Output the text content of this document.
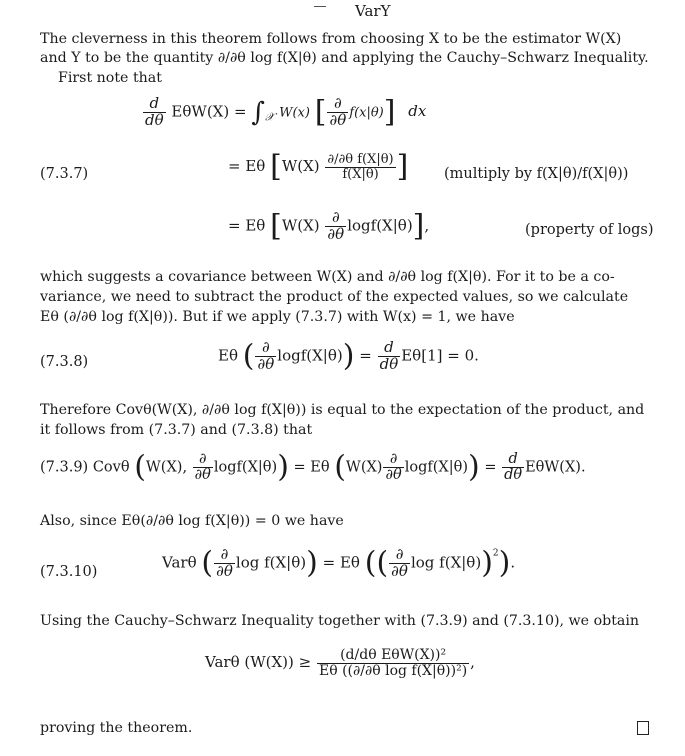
VarY
The cleverness in this theorem follows from choosing X to be the estimator W(X)
and Y to be the quantity ∂/∂θ log f(X|θ) and applying the Cauchy–Schwarz Inequality.
First note that
$\frac{d}{d\theta} E\theta W(X) = \int_𝒳$ W(x) [ $\frac{\partial}{\partial\theta} f(x|\theta)$] dx
(7.3.7)	= Eθ [$W(X) \frac{\text{∂/∂θ f(X|θ)}}{f(X|\theta)}$ ] (multiply by f(X|θ)/f(X|θ))
= Eθ $[W(X) \frac{\partial}{\partial\theta} \log f(X|\theta)]$,	(property of logs)
which suggests a covariance between W(X) and ∂/∂θ log f(X|θ). For it to be a co-
variance, we need to subtract the product of the expected values, so we calculate
Eθ (∂/∂θ log f(X|θ)). But if we apply (7.3.7) with W(x) = 1, we have
(7.3.8)	Eθ ( $\frac{\partial}{\partial\theta} \log f(X|\theta)) = \frac{d}{d\theta} E\theta[1] = 0$.
Therefore Covθ(W(X), ∂/∂θ log f(X|θ)) is equal to the expectation of the product, and
it follows from (7.3.7) and (7.3.8) that
(7.3.9) Covθ (W(X), $\frac{\partial}{\partial\theta} \log f(X|\theta)) = E\theta$ $(W(X) \frac{\partial}{\partial\theta} \log f(X|\theta)) = \frac{d}{d\theta} E\theta W(X)$.
Also, since Eθ(∂/∂θ log f(X|θ)) = 0 we have
(7.3.10)
Varθ ( $\frac{\partial}{\partial\theta}$ log f(X|θ)) = Eθ (( $\frac{\partial}{\partial\theta}$ log f(X|θ))$^2$).
Using the Cauchy–Schwarz Inequality together with (7.3.9) and (7.3.10), we obtain
Varθ $(W(X)) \ge \frac{\text{(d/dθ EθW(X))²}}{\text{Eθ ((∂/∂θ log f(X|θ))²)}}$ ,
proving the theorem.
